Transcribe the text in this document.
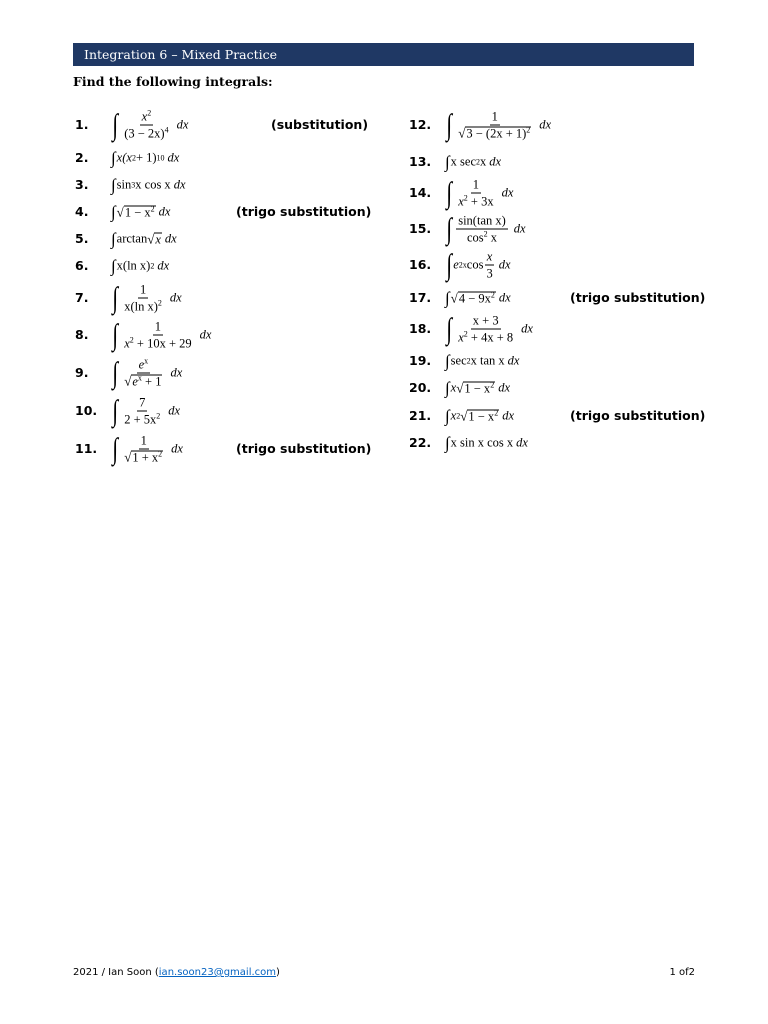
Integration 6 – Mixed Practice
Find the following integrals:
1. ∫ $\frac{x^2}{(3 - 2x)^4}$ dx	(substitution)
2. ∫ x(x 2 + 1) 10 dx
3. ∫ sin 3 x cos x dx
4. ∫ √ $1 - x^2$ dx	(trigo substitution)
5. ∫ arctan √ x dx
6. ∫ x(ln x) 2 dx
7. ∫ $\frac{1}{x(\ln x)^2}$ dx
8. ∫ $\frac{1}{x^2 + 10x + 29}$ dx
9. ∫ $\frac{e^x}{√ e^x + 1}$ dx
10. ∫ $\frac{7}{2 + 5x^2}$ dx
11. ∫ $\frac{1}{√ 1 + x^2}$ dx	(trigo substitution)
12. ∫ $\frac{1}{√ 3 - (2x + 1)^2}$ dx
13. ∫ x sec 2 x dx
14. ∫ $\frac{1}{x^2 + 3x}$ dx
15. ∫ $\frac{\text{sin(tan x)}}{\cos^2 x}$ dx
16. ∫ e 2x $\cos \frac{x}{3}$ dx
17. ∫ √ $4 - 9x^2$ dx	(trigo substitution)
18. ∫ $\frac{x + 3}{x^2 + 4x + 8}$ dx
19. ∫ sec 2 x tan x dx
20. ∫ x √ $1 - x^2$ dx
21. ∫ x 2 √ $1 - x^2$ dx	(trigo substitution)
22. ∫ x sin x cos x dx
2021 / Ian Soon (ian.soon23@gmail.com)	1 of2
